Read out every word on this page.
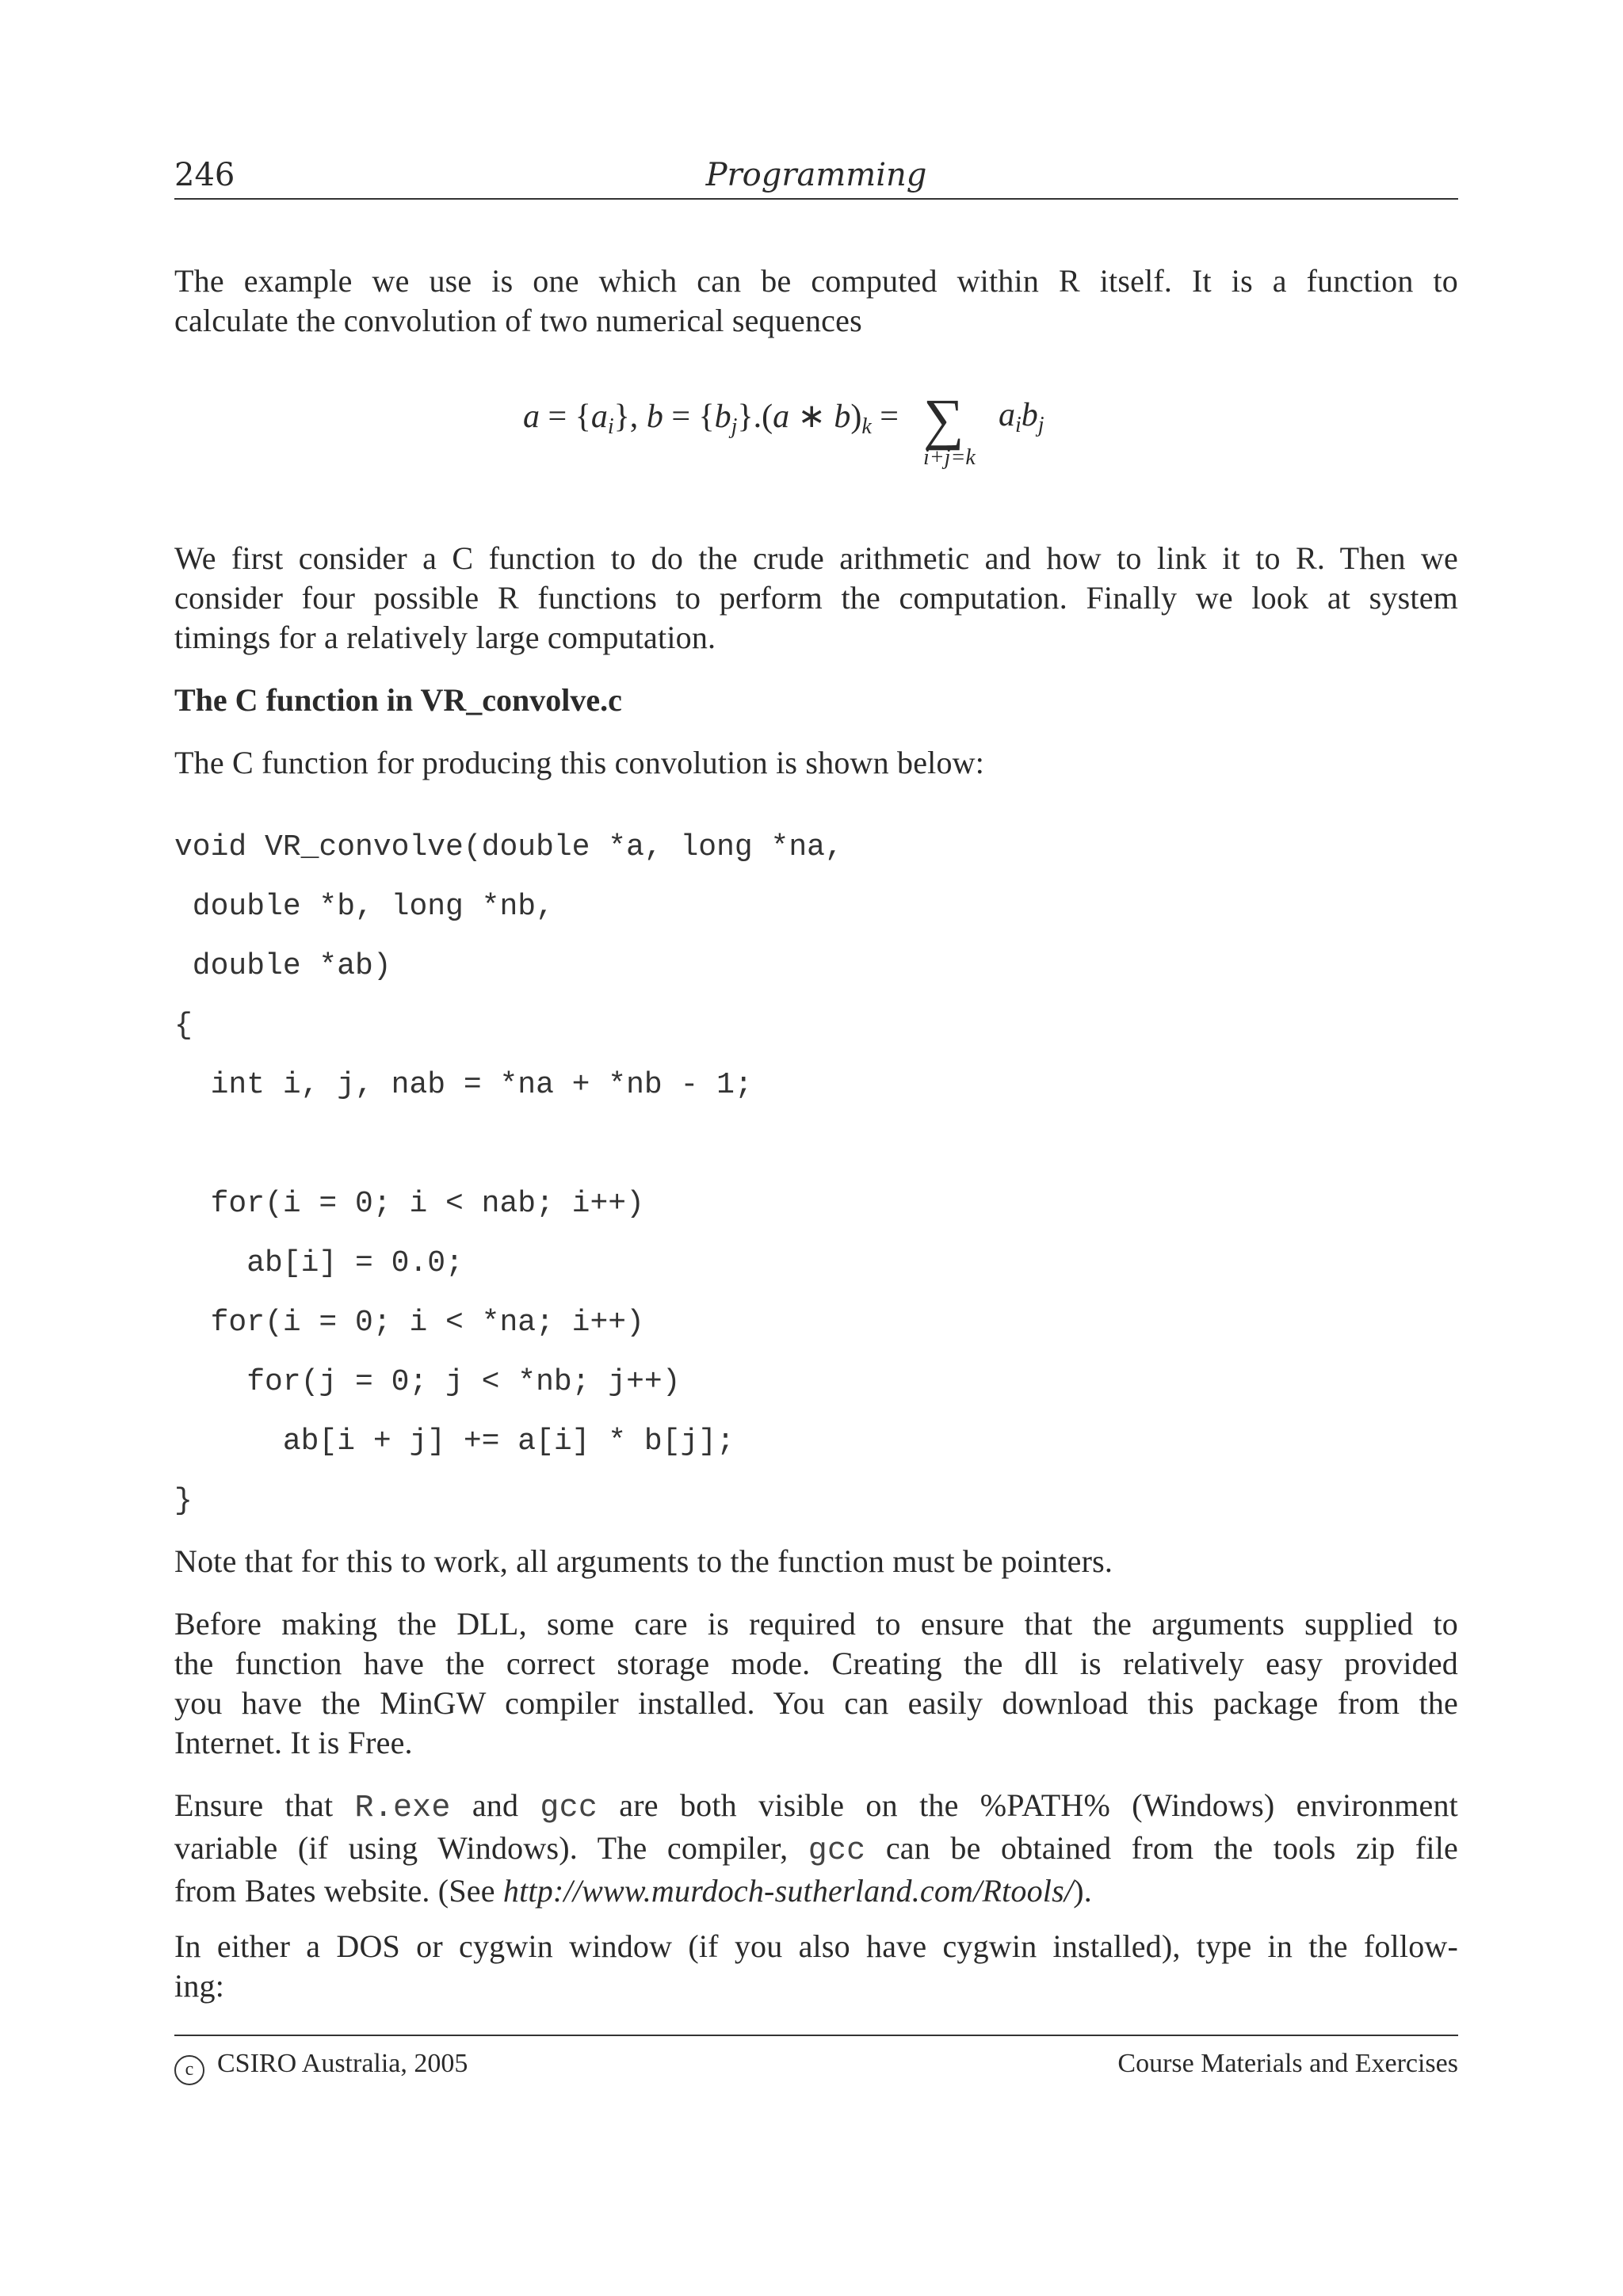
246	Programming
The example we use is one which can be computed within R itself. It is a function to
calculate the convolution of two numerical sequences
$a = \{a_i\}$, $b = \{b_j\}.(a$ ∗ $b)_k$ = ∑ $a_ib_j$
i+j=k
We first consider a C function to do the crude arithmetic and how to link it to R. Then we
consider four possible R functions to perform the computation. Finally we look at system
timings for a relatively large computation.
The C function in VR_convolve.c
The C function for producing this convolution is shown below:
void VR_convolve(double *a, long *na,
double *b, long *nb,
double *ab)
{
int i, j, nab = *na + *nb - 1;
for(i = 0; i < nab; i++)
ab[i] = 0.0;
for(i = 0; i < *na; i++)
for(j = 0; j < *nb; j++)
ab[i + j] += a[i] * b[j];
}
Note that for this to work, all arguments to the function must be pointers.
Before making the DLL, some care is required to ensure that the arguments supplied to
the function have the correct storage mode. Creating the dll is relatively easy provided
you have the MinGW compiler installed. You can easily download this package from the
Internet. It is Free.
Ensure that R.exe and gcc are both visible on the %PATH% (Windows) environment
variable (if using Windows). The compiler, gcc can be obtained from the tools zip file
from Bates website. (See http://www.murdoch-sutherland.com/Rtools/).
In either a DOS or cygwin window (if you also have cygwin installed), type in the follow-
ing:
c CSIRO Australia, 2005	Course Materials and Exercises
